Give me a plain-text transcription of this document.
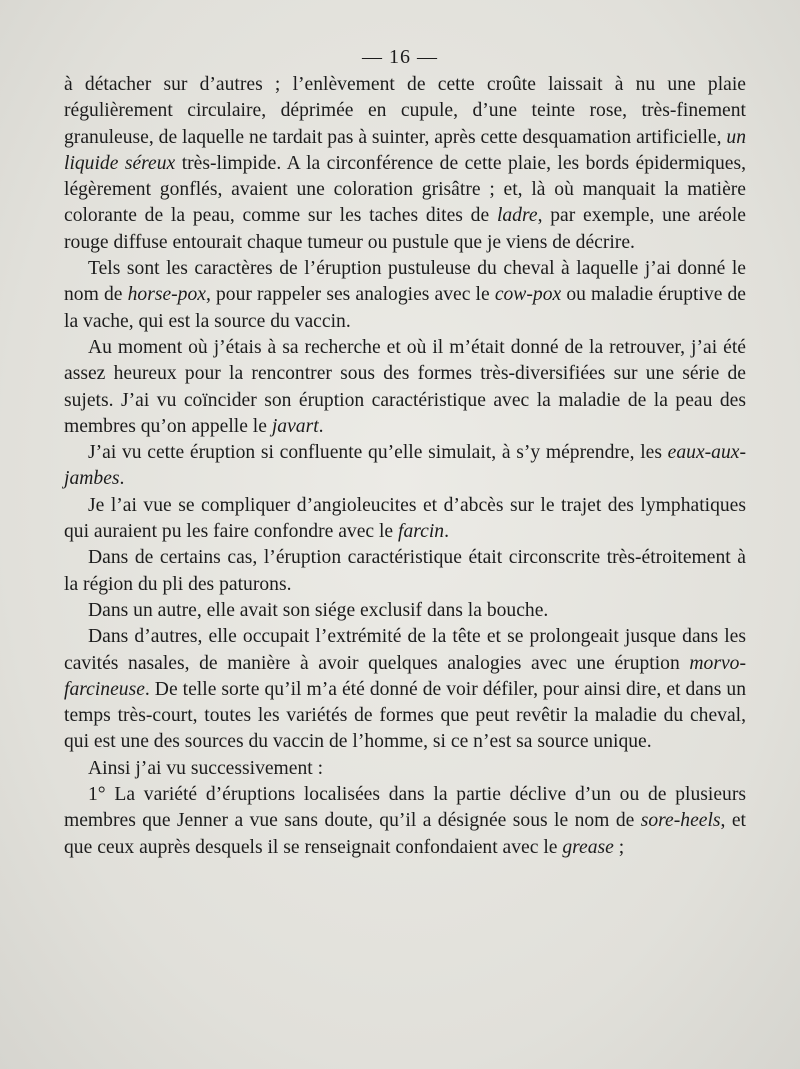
— 16 —

à détacher sur d’autres ; l’enlèvement de cette croûte laissait à nu une plaie régulièrement circulaire, déprimée en cupule, d’une teinte rose, très-finement granuleuse, de laquelle ne tardait pas à suinter, après cette desquamation artificielle, un liquide séreux très-limpide. A la circonférence de cette plaie, les bords épidermiques, légèrement gonflés, avaient une coloration grisâtre ; et, là où manquait la matière colorante de la peau, comme sur les taches dites de ladre, par exemple, une aréole rouge diffuse entourait chaque tumeur ou pustule que je viens de décrire.

Tels sont les caractères de l’éruption pustuleuse du cheval à laquelle j’ai donné le nom de horse-pox, pour rappeler ses analogies avec le cow-pox ou maladie éruptive de la vache, qui est la source du vaccin.

Au moment où j’étais à sa recherche et où il m’était donné de la retrouver, j’ai été assez heureux pour la rencontrer sous des formes très-diversifiées sur une série de sujets. J’ai vu coïncider son éruption caractéristique avec la maladie de la peau des membres qu’on appelle le javart.

J’ai vu cette éruption si confluente qu’elle simulait, à s’y méprendre, les eaux-aux-jambes.

Je l’ai vue se compliquer d’angioleucites et d’abcès sur le trajet des lymphatiques qui auraient pu les faire confondre avec le farcin.

Dans de certains cas, l’éruption caractéristique était circonscrite très-étroitement à la région du pli des paturons.

Dans un autre, elle avait son siége exclusif dans la bouche.

Dans d’autres, elle occupait l’extrémité de la tête et se prolongeait jusque dans les cavités nasales, de manière à avoir quelques analogies avec une éruption morvo-farcineuse. De telle sorte qu’il m’a été donné de voir défiler, pour ainsi dire, et dans un temps très-court, toutes les variétés de formes que peut revêtir la maladie du cheval, qui est une des sources du vaccin de l’homme, si ce n’est sa source unique.

Ainsi j’ai vu successivement :

1° La variété d’éruptions localisées dans la partie déclive d’un ou de plusieurs membres que Jenner a vue sans doute, qu’il a désignée sous le nom de sore-heels, et que ceux auprès desquels il se renseignait confondaient avec le grease ;
